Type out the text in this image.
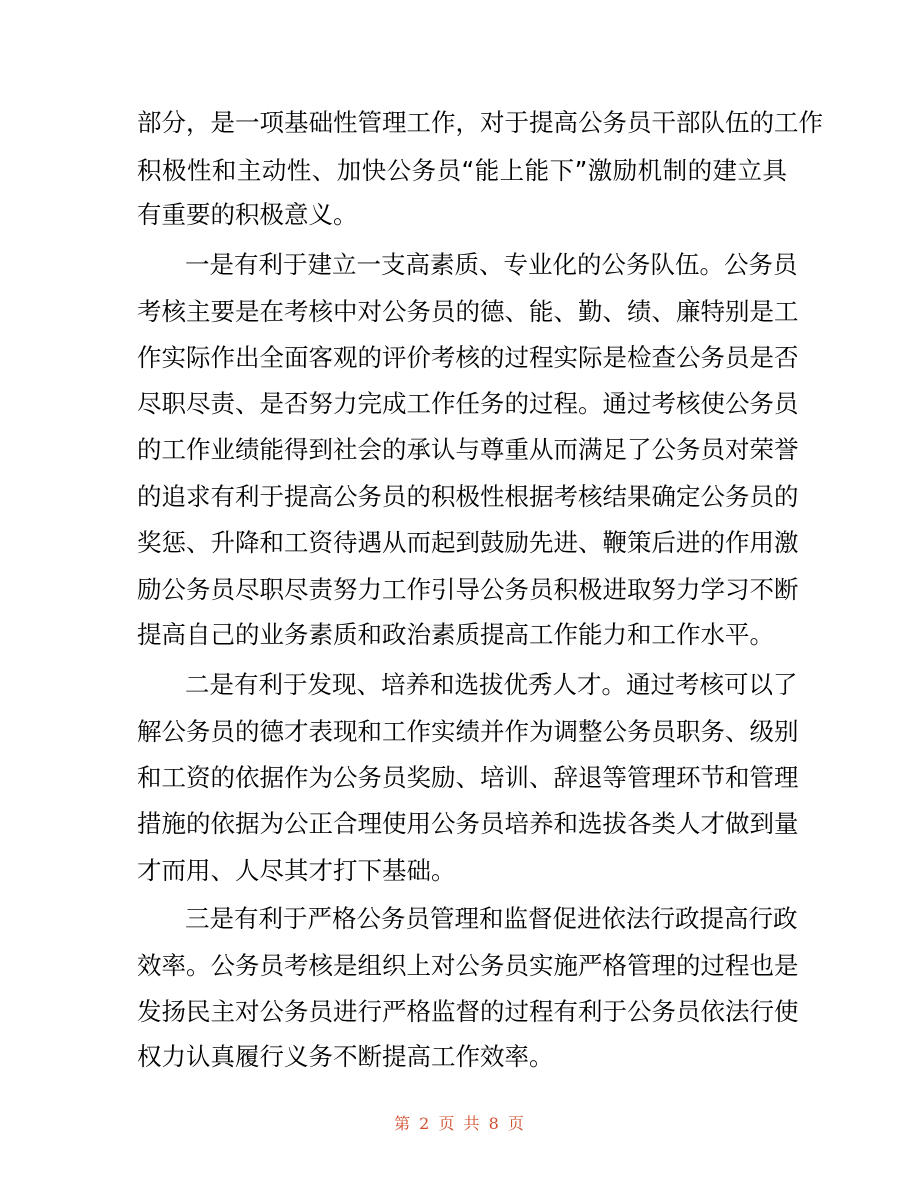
部分，是一项基础性管理工作，对于提高公务员干部队伍的工作
积极性和主动性、加快公务员“能上能下”激励机制的建立具
有重要的积极意义。
一是有利于建立一支高素质、专业化的公务队伍。公务员
考核主要是在考核中对公务员的德、能、勤、绩、廉特别是工
作实际作出全面客观的评价考核的过程实际是检查公务员是否
尽职尽责、是否努力完成工作任务的过程。通过考核使公务员
的工作业绩能得到社会的承认与尊重从而满足了公务员对荣誉
的追求有利于提高公务员的积极性根据考核结果确定公务员的
奖惩、升降和工资待遇从而起到鼓励先进、鞭策后进的作用激
励公务员尽职尽责努力工作引导公务员积极进取努力学习不断
提高自己的业务素质和政治素质提高工作能力和工作水平。
二是有利于发现、培养和选拔优秀人才。通过考核可以了
解公务员的德才表现和工作实绩并作为调整公务员职务、级别
和工资的依据作为公务员奖励、培训、辞退等管理环节和管理
措施的依据为公正合理使用公务员培养和选拔各类人才做到量
才而用、人尽其才打下基础。
三是有利于严格公务员管理和监督促进依法行政提高行政
效率。公务员考核是组织上对公务员实施严格管理的过程也是
发扬民主对公务员进行严格监督的过程有利于公务员依法行使
权力认真履行义务不断提高工作效率。
第 2 页 共 8 页
